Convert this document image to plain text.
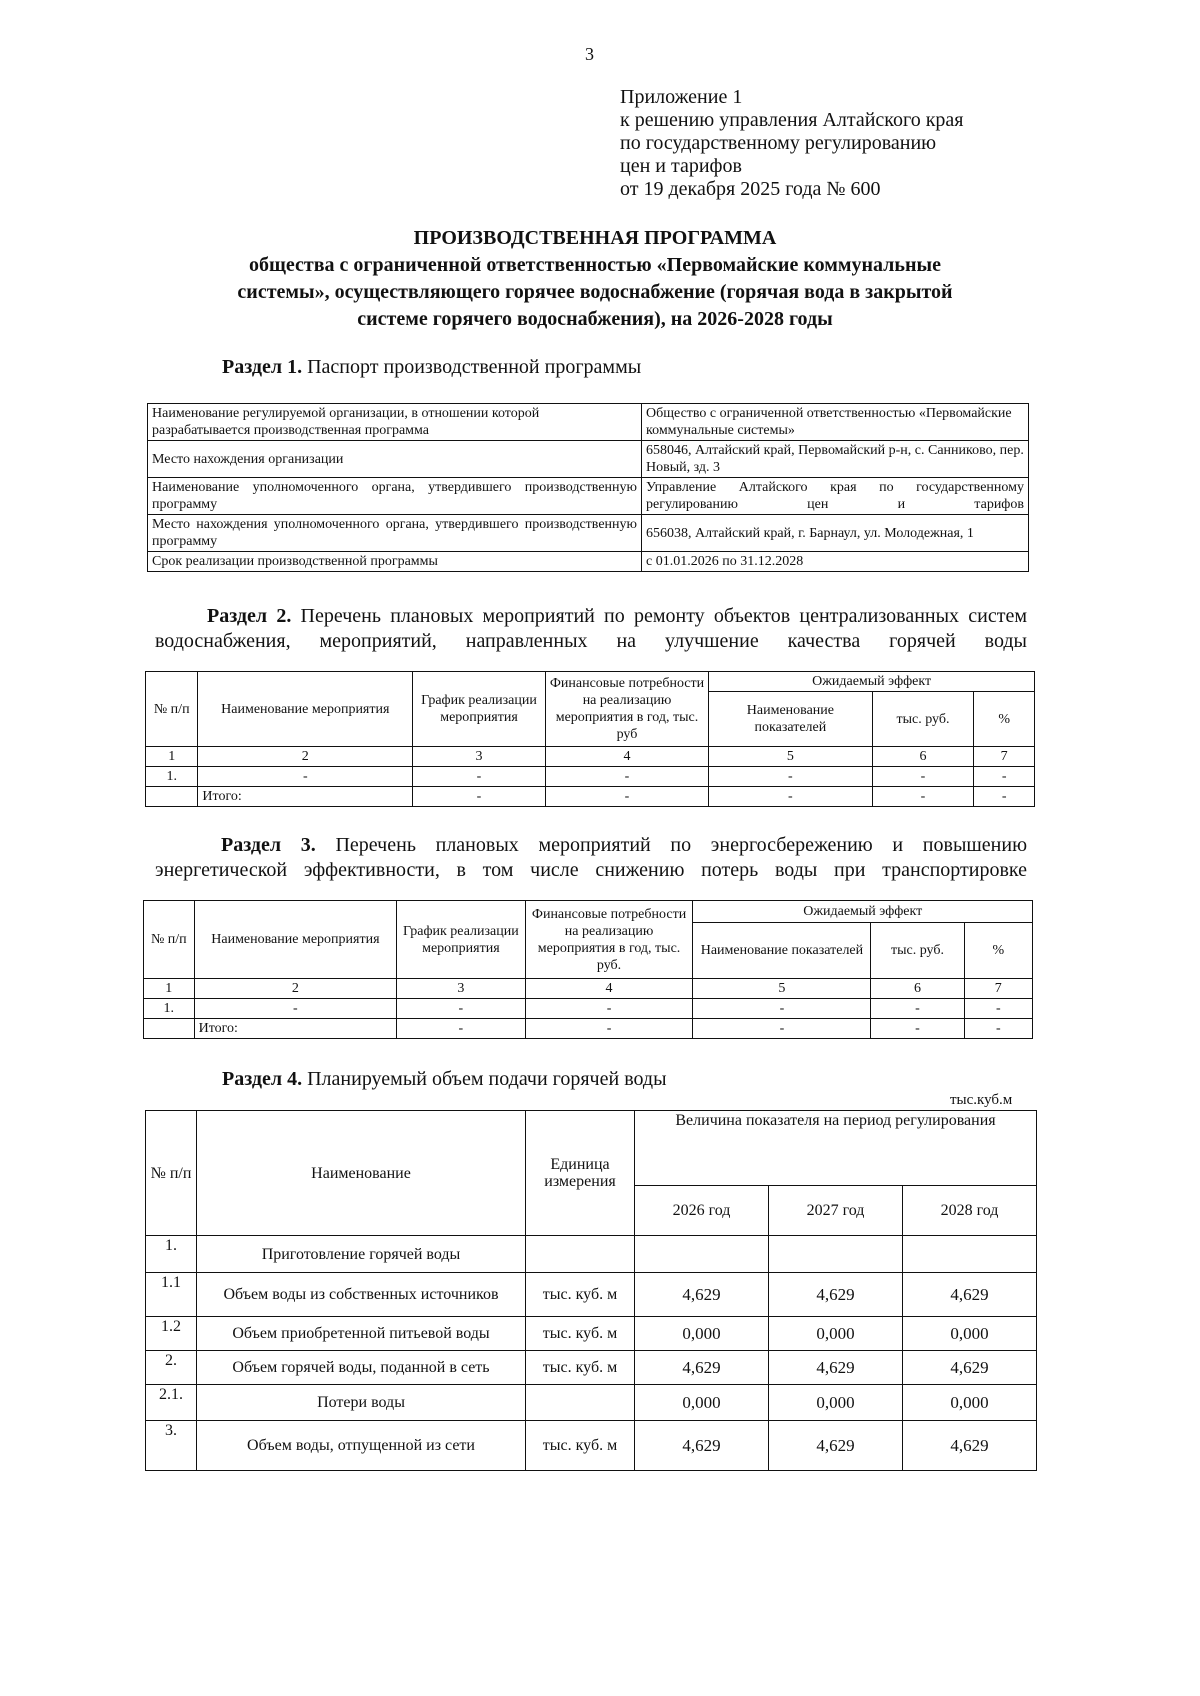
3
Приложение 1
к решению управления Алтайского края
по государственному регулированию
цен и тарифов
от 19 декабря 2025 года № 600
ПРОИЗВОДСТВЕННАЯ ПРОГРАММА
общества с ограниченной ответственностью «Первомайские коммунальные
системы», осуществляющего горячее водоснабжение (горячая вода в закрытой
системе горячего водоснабжения), на 2026-2028 годы
Раздел 1. Паспорт производственной программы
Наименование регулируемой организации, в отношении которой разрабатывается производственная программа	Общество с ограниченной ответственностью «Первомайские коммунальные системы»
Место нахождения организации	658046, Алтайский край, Первомайский р-н, с. Санниково, пер. Новый, зд. 3
Наименование уполномоченного органа, утвердившего производственную программу	Управление Алтайского края по государственному регулированию цен и тарифов
Место нахождения уполномоченного органа, утвердившего производственную программу	656038, Алтайский край, г. Барнаул, ул. Молодежная, 1
Срок реализации производственной программы	с 01.01.2026 по 31.12.2028
Раздел 2. Перечень плановых мероприятий по ремонту объектов централизованных систем водоснабжения, мероприятий, направленных на улучшение качества горячей воды
№ п/п	Наименование мероприятия	График реализации мероприятия	Финансовые потребности на реализацию мероприятия в год, тыс. руб	Ожидаемый эффект		
				Наименование показателей	тыс. руб.	%
1	2	3	4	5	6	7
1.	-	-	-	-	-	-
	Итого:	-	-	-	-	-
Раздел 3. Перечень плановых мероприятий по энергосбережению и повышению энергетической эффективности, в том числе снижению потерь воды при транспортировке
№ п/п	Наименование мероприятия	График реализации мероприятия	Финансовые потребности на реализацию мероприятия в год, тыс. руб.	Ожидаемый эффект		
				Наименование показателей	тыс. руб.	%
1	2	3	4	5	6	7
1.	-	-	-	-	-	-
	Итого:	-	-	-	-	-
Раздел 4. Планируемый объем подачи горячей воды
тыс.куб.м
№ п/п	Наименование	Единица измерения	Величина показателя на период регулирования		
			2026 год	2027 год	2028 год
1.	Приготовление горячей воды				
1.1	Объем воды из собственных источников	тыс. куб. м	4,629	4,629	4,629
1.2	Объем приобретенной питьевой воды	тыс. куб. м	0,000	0,000	0,000
2.	Объем горячей воды, поданной в сеть	тыс. куб. м	4,629	4,629	4,629
2.1.	Потери воды		0,000	0,000	0,000
3.	Объем воды, отпущенной из сети	тыс. куб. м	4,629	4,629	4,629
